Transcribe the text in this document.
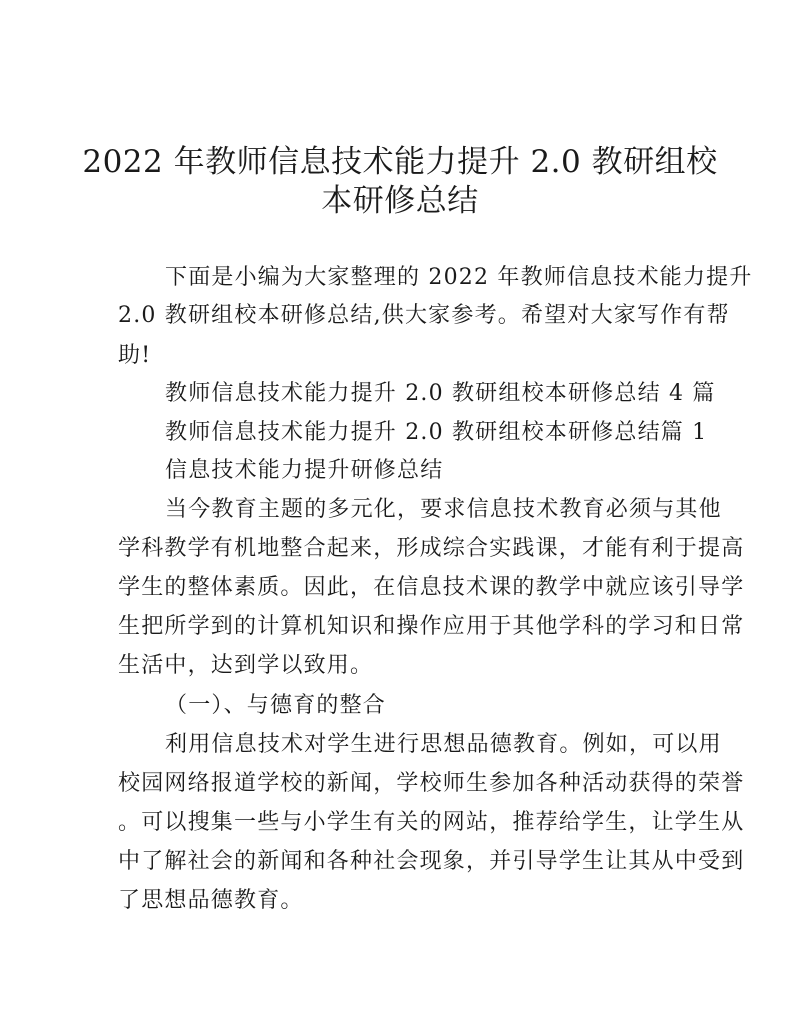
2022 年教师信息技术能力提升 2.0 教研组校
本研修总结
下面是小编为大家整理的 2022 年教师信息技术能力提升
2.0 教研组校本研修总结,供大家参考。希望对大家写作有帮
助!
教师信息技术能力提升 2.0 教研组校本研修总结 4 篇
教师信息技术能力提升 2.0 教研组校本研修总结篇 1
信息技术能力提升研修总结
当今教育主题的多元化，要求信息技术教育必须与其他
学科教学有机地整合起来，形成综合实践课，才能有利于提高
学生的整体素质。因此，在信息技术课的教学中就应该引导学
生把所学到的计算机知识和操作应用于其他学科的学习和日常
生活中，达到学以致用。
（一）、与德育的整合
利用信息技术对学生进行思想品德教育。例如，可以用
校园网络报道学校的新闻，学校师生参加各种活动获得的荣誉
。可以搜集一些与小学生有关的网站，推荐给学生，让学生从
中了解社会的新闻和各种社会现象，并引导学生让其从中受到
了思想品德教育。
